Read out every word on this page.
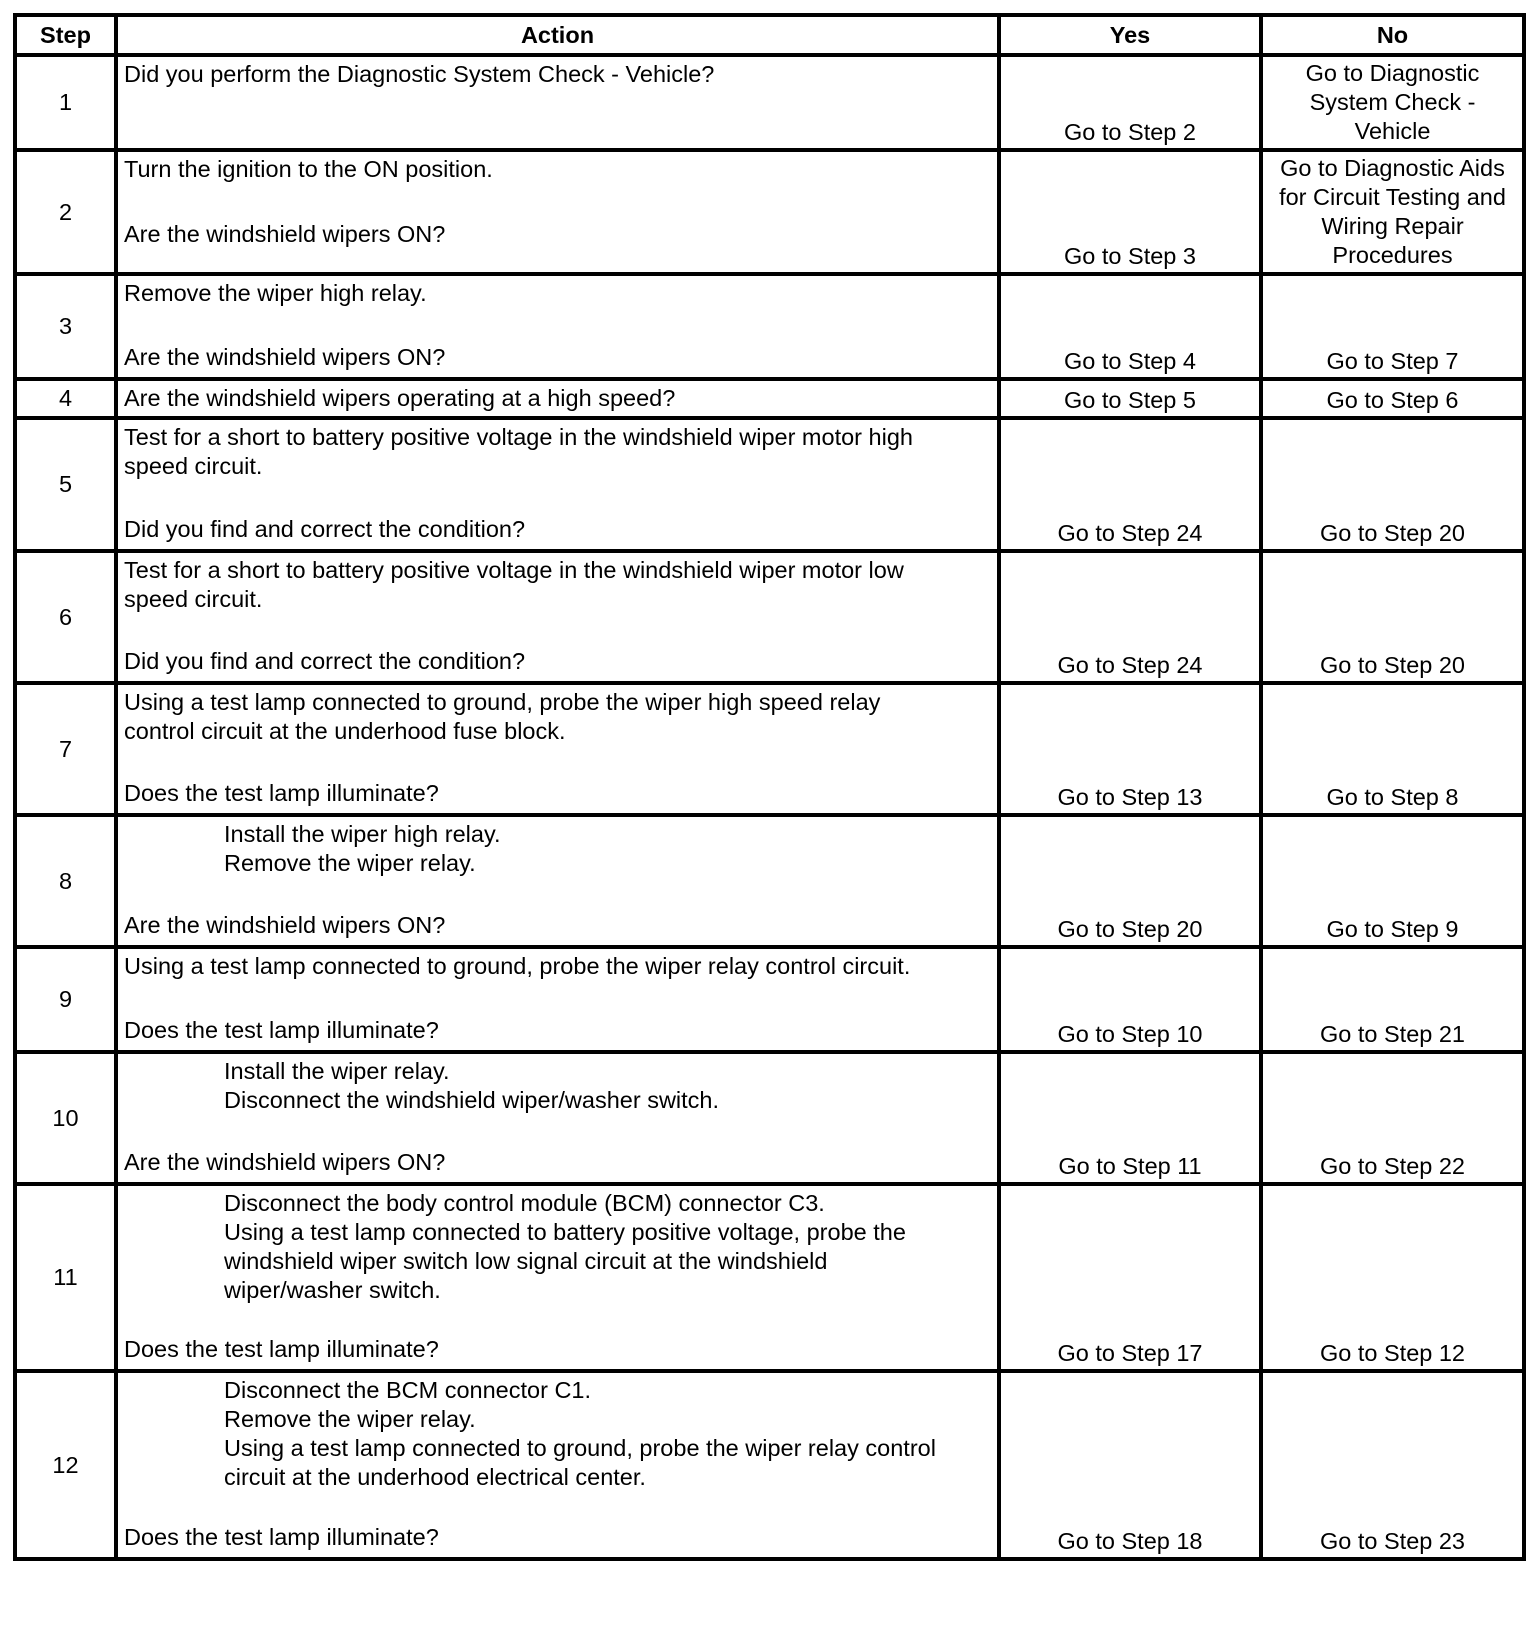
Step	Action	Yes	No
1	Did you perform the Diagnostic System Check - Vehicle?	Go to Step 2	Go to Diagnostic System Check - Vehicle
2	Turn the ignition to the ON position.
Are the windshield wipers ON?	Go to Step 3	Go to Diagnostic Aids for Circuit Testing and Wiring Repair Procedures
3	Remove the wiper high relay.
Are the windshield wipers ON?	Go to Step 4	Go to Step 7
4	Are the windshield wipers operating at a high speed?	Go to Step 5	Go to Step 6
5	Test for a short to battery positive voltage in the windshield wiper motor high
speed circuit.
Did you find and correct the condition?	Go to Step 24	Go to Step 20
6	Test for a short to battery positive voltage in the windshield wiper motor low
speed circuit.
Did you find and correct the condition?	Go to Step 24	Go to Step 20
7	Using a test lamp connected to ground, probe the wiper high speed relay
control circuit at the underhood fuse block.
Does the test lamp illuminate?	Go to Step 13	Go to Step 8
8	Install the wiper high relay.
Remove the wiper relay.
Are the windshield wipers ON?	Go to Step 20	Go to Step 9
9	Using a test lamp connected to ground, probe the wiper relay control circuit.
Does the test lamp illuminate?	Go to Step 10	Go to Step 21
10	Install the wiper relay.
Disconnect the windshield wiper/washer switch.
Are the windshield wipers ON?	Go to Step 11	Go to Step 22
11	Disconnect the body control module (BCM) connector C3.
Using a test lamp connected to battery positive voltage, probe the
windshield wiper switch low signal circuit at the windshield
wiper/washer switch.
Does the test lamp illuminate?	Go to Step 17	Go to Step 12
12	Disconnect the BCM connector C1.
Remove the wiper relay.
Using a test lamp connected to ground, probe the wiper relay control
circuit at the underhood electrical center.
Does the test lamp illuminate?	Go to Step 18	Go to Step 23
